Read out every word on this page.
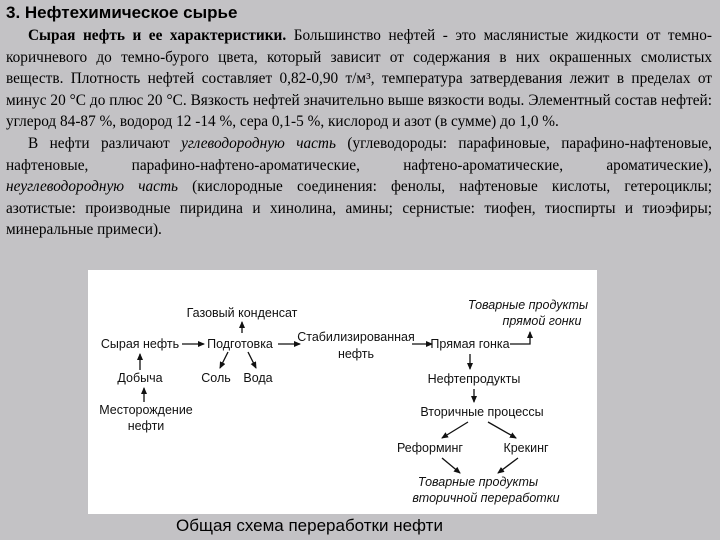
3. Нефтехимическое сырье

Сырая нефть и ее характеристики. Большинство нефтей - это маслянистые жидкости от темно-коричневого до темно-бурого цвета, который зависит от содержания в них окрашенных смолистых веществ. Плотность нефтей составляет 0,82-0,90 т/м³, температура затвердевания лежит в пределах от минус 20 °С до плюс 20 °С. Вязкость нефтей значительно выше вязкости воды. Элементный состав нефтей: углерод 84-87 %, водород 12 -14 %, сера 0,1-5 %, кислород и азот (в сумме) до 1,0 %.

В нефти различают углеводородную часть (углеводороды: парафиновые, парафино-нафтеновые, нафтеновые, парафино-нафтено-ароматические, нафтено-ароматические, ароматические), неуглеводородную часть (кислородные соединения: фенолы, нафтеновые кислоты, гетероциклы; азотистые: производные пиридина и хинолина, амины; сернистые: тиофен, тиоспирты и тиоэфиры; минеральные примеси).

Газовый конденсат
Сырая нефть Подготовка Стабилизированная
нефть
Прямая гонка
Товарные продукты
прямой гонки
Добыча	Соль Вода
Месторождение
нефти
Нефтепродукты
Вторичные процессы
Реформинг	Крекинг
Товарные продукты
вторичной переработки

Общая схема переработки нефти
